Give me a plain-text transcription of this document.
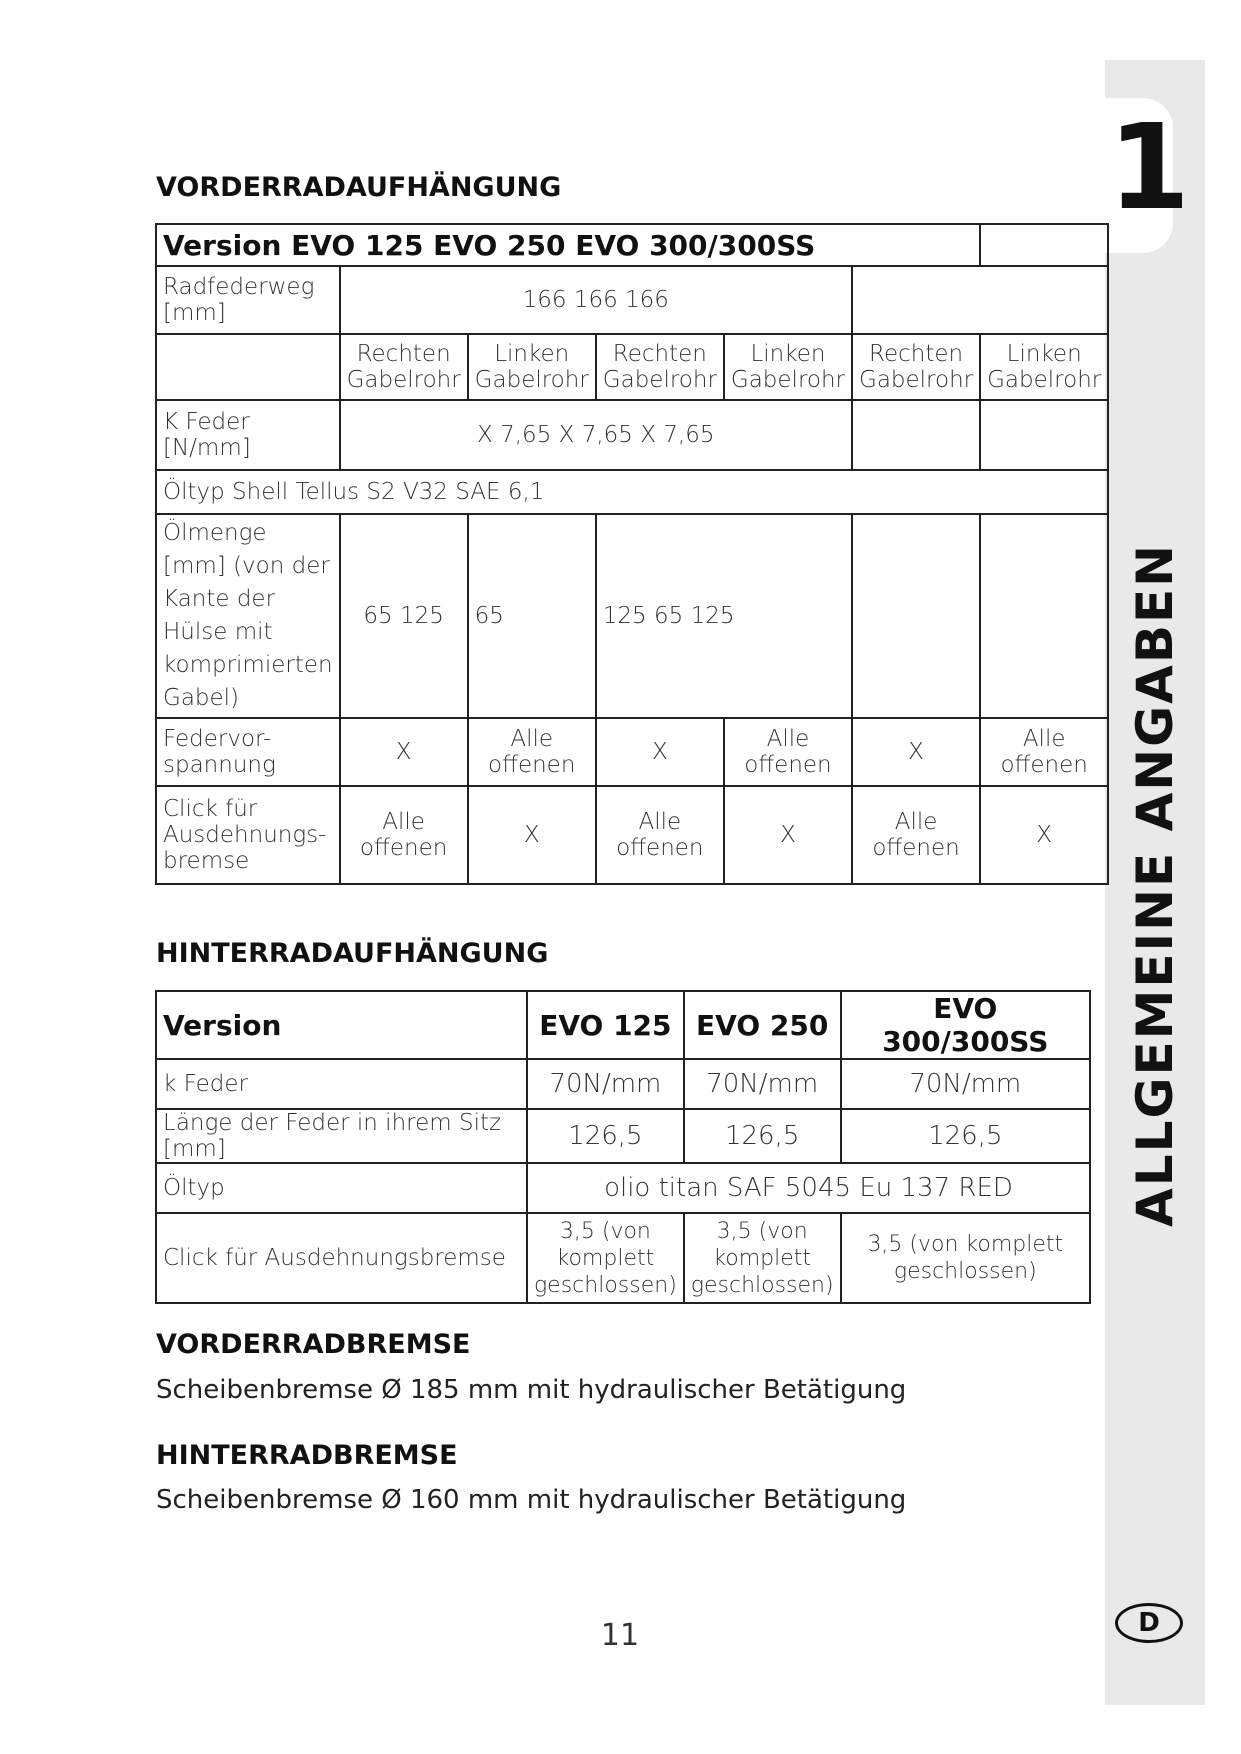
1
ALLGEMEINE ANGABEN
D
VORDERRADAUFHÄNGUNG
Version EVO 125 EVO 250 EVO 300/300SS						
Radfederweg [mm]	166 166 166					
	Rechten Gabelrohr	Linken Gabelrohr	Rechten Gabelrohr	Linken Gabelrohr	Rechten Gabelrohr	Linken Gabelrohr
K Feder [N/mm]	X 7,65 X 7,65 X 7,65					
Öltyp Shell Tellus S2 V32 SAE 6,1						
Ölmenge [mm] (von der Kante der Hülse mit komprimierten Gabel)	65 125	65	125 65 125			
Federvor- spannung	X	Alle offenen	X	Alle offenen	X	Alle offenen
Click für Ausdehnungs- bremse	Alle offenen	X	Alle offenen	X	Alle offenen	X
HINTERRADAUFHÄNGUNG
Version	EVO 125	EVO 250	EVO 300/300SS
k Feder	70N/mm	70N/mm	70N/mm
Länge der Feder in ihrem Sitz [mm]	126,5	126,5	126,5
Öltyp	olio titan SAF 5045 Eu 137 RED		
Click für Ausdehnungsbremse	3,5 (von komplett geschlossen)	3,5 (von komplett geschlossen)	3,5 (von komplett geschlossen)
VORDERRADBREMSE
Scheibenbremse Ø 185 mm mit hydraulischer Betätigung
HINTERRADBREMSE
Scheibenbremse Ø 160 mm mit hydraulischer Betätigung
11
